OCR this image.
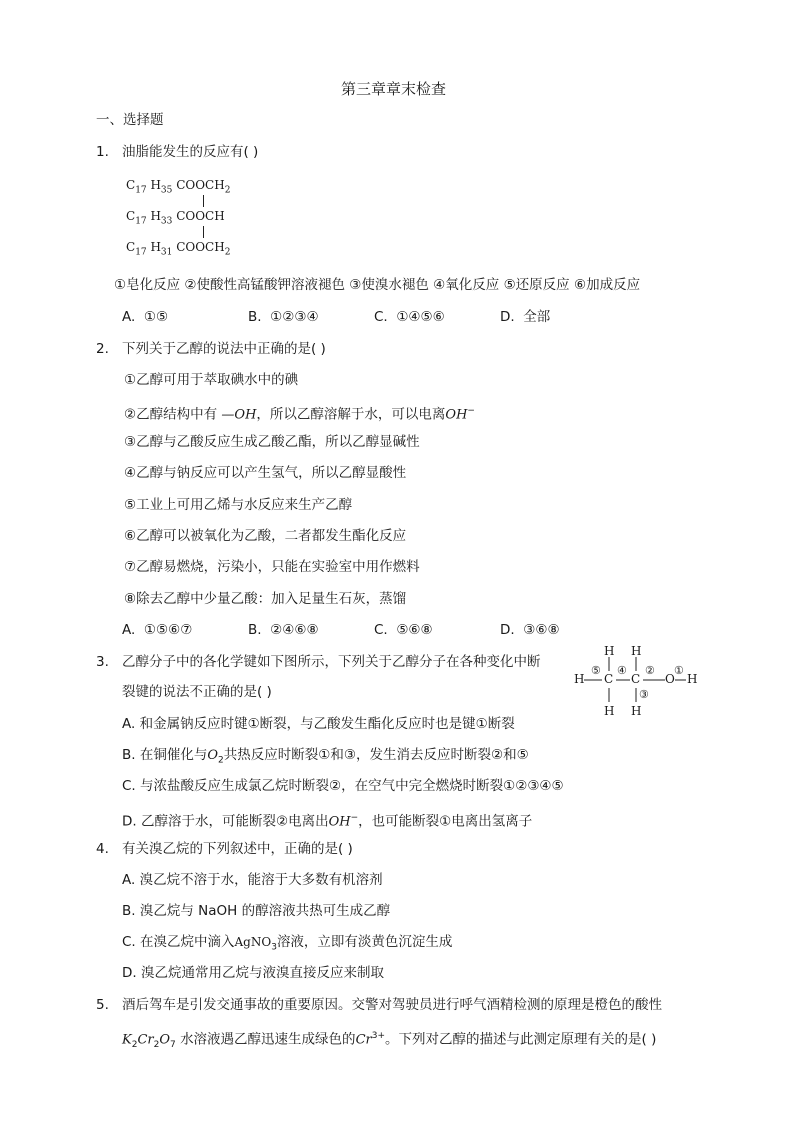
第三章章末检查
一、选择题
1. 油脂能发生的反应有( )
$C_{17}$ $H_{35}$ $COOCH_2$
$C_{17}$ $H_{33}$ COOCH
$C_{17}$ $H_{31}$ $COOCH_2$
①皂化反应 ②使酸性高锰酸钾溶液褪色 ③使溴水褪色 ④氧化反应 ⑤还原反应 ⑥加成反应
A. ①⑤	B. ①②③④	C. ①④⑤⑥	D. 全部
2. 下列关于乙醇的说法中正确的是( )
①乙醇可用于萃取碘水中的碘
②乙醇结构中有 —OH，所以乙醇溶解于水，可以电离OH−
③乙醇与乙酸反应生成乙酸乙酯，所以乙醇显碱性
④乙醇与钠反应可以产生氢气，所以乙醇显酸性
⑤工业上可用乙烯与水反应来生产乙醇
⑥乙醇可以被氧化为乙酸，二者都发生酯化反应
⑦乙醇易燃烧，污染小，只能在实验室中用作燃料
⑧除去乙醇中少量乙酸：加入足量生石灰，蒸馏
A. ①⑤⑥⑦	B. ②④⑥⑧	C. ⑤⑥⑧	D. ③⑥⑧
3. 乙醇分子中的各化学键如下图所示，下列关于乙醇分子在各种变化中断
裂键的说法不正确的是( )
H H
H
⑤
C
④
C
②
O
①
H
③
H H
A. 和金属钠反应时键①断裂，与乙酸发生酯化反应时也是键①断裂
B. 在铜催化与$O_2$共热反应时断裂①和③，发生消去反应时断裂②和⑤
C. 与浓盐酸反应生成氯乙烷时断裂②，在空气中完全燃烧时断裂①②③④⑤
D. 乙醇溶于水，可能断裂②电离出OH−，也可能断裂①电离出氢离子
4. 有关溴乙烷的下列叙述中，正确的是( )
A. 溴乙烷不溶于水，能溶于大多数有机溶剂
B. 溴乙烷与 NaOH 的醇溶液共热可生成乙醇
C. 在溴乙烷中滴入AgNO$_3$溶液，立即有淡黄色沉淀生成
D. 溴乙烷通常用乙烷与液溴直接反应来制取
5. 酒后驾车是引发交通事故的重要原因。交警对驾驶员进行呼气酒精检测的原理是橙色的酸性
$K_2Cr_2O_7$ 水溶液遇乙醇迅速生成绿色的$Cr^{3+}$。下列对乙醇的描述与此测定原理有关的是( )
